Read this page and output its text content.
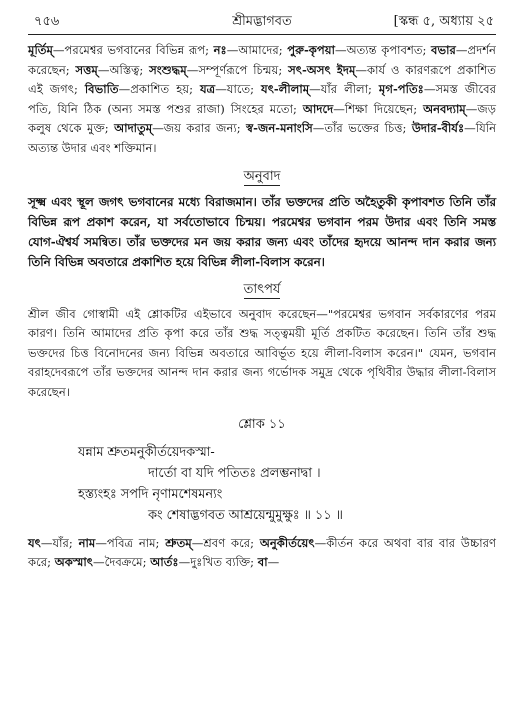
৭৫৬	শ্রীমদ্ভাগবত	[স্কন্ধ ৫, অধ্যায় ২৫

মূর্তিম্—পরমেশ্বর ভগবানের বিভিন্ন রূপ; নঃ—আমাদের; পুরু-কৃপয়া—অত্যন্ত কৃপাবশত; বভার—প্রদর্শন করেছেন; সত্তম্—অস্তিত্ব; সংশুদ্ধম্—সম্পূর্ণরূপে চিন্ময়; সৎ-অসৎ ইদম্—কার্য ও কারণরূপে প্রকাশিত এই জগৎ; বিভাতি—প্রকাশিত হয়; যত্র—যাতে; যৎ-লীলাম্—যাঁর লীলা; মৃগ-পতিঃ—সমস্ত জীবের পতি, যিনি ঠিক (অন্য সমস্ত পশুর রাজা) সিংহের মতো; আদদে—শিক্ষা দিয়েছেন; অনবদ্যাম্—জড় কলুষ থেকে মুক্ত; আদাতুম্—জয় করার জন্য; স্ব-জন-মনাংসি—তাঁর ভক্তের চিত্ত; উদার-বীর্যঃ—যিনি অত্যন্ত উদার এবং শক্তিমান।

অনুবাদ

সূক্ষ্ম এবং স্থূল জগৎ ভগবানের মধ্যে বিরাজমান। তাঁর ভক্তদের প্রতি অহৈতুকী কৃপাবশত তিনি তাঁর বিভিন্ন রূপ প্রকাশ করেন, যা সর্বতোভাবে চিন্ময়। পরমেশ্বর ভগবান পরম উদার এবং তিনি সমস্ত যোগ-ঐশ্বর্য সমন্বিত। তাঁর ভক্তদের মন জয় করার জন্য এবং তাঁদের হৃদয়ে আনন্দ দান করার জন্য তিনি বিভিন্ন অবতারে প্রকাশিত হয়ে বিভিন্ন লীলা-বিলাস করেন।

তাৎপর্য

শ্রীল জীব গোস্বামী এই শ্লোকটির এইভাবে অনুবাদ করেছেন—"পরমেশ্বর ভগবান সর্বকারণের পরম কারণ। তিনি আমাদের প্রতি কৃপা করে তাঁর শুদ্ধ সত্ত্বময়ী মূর্তি প্রকটিত করেছেন। তিনি তাঁর শুদ্ধ ভক্তদের চিত্ত বিনোদনের জন্য বিভিন্ন অবতারে আবির্ভূত হয়ে লীলা-বিলাস করেন।" যেমন, ভগবান বরাহদেবরূপে তাঁর ভক্তদের আনন্দ দান করার জন্য গর্ভোদক সমুদ্র থেকে পৃথিবীর উদ্ধার লীলা-বিলাস করেছেন।

শ্লোক ১১
যন্নাম শ্রুতমনুকীর্তয়েদকস্মা-
দার্তো বা যদি পতিতঃ প্রলম্ভনাদ্বা ।
হস্ত্যংহঃ সপদি নৃণামশেষমন্যং
কং শেষাদ্ভগবত আশ্রয়েন্মুমুক্ষুঃ ॥ ১১ ॥

যৎ—যাঁর; নাম—পবিত্র নাম; শ্রুতম্—শ্রবণ করে; অনুকীর্তয়েৎ—কীর্তন করে অথবা বার বার উচ্চারণ করে; অকস্মাৎ—দৈবক্রমে; আর্তঃ—দুঃখিত ব্যক্তি; বা—
